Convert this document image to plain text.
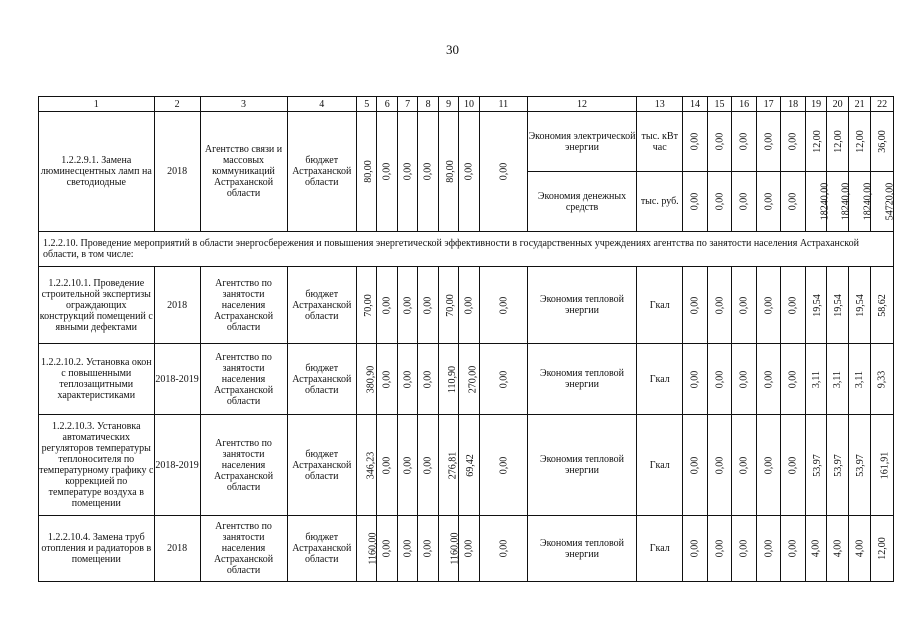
30
1	2	3	4	5	6	7	8	9	10	11	12	13	14	15	16	17	18	19	20	21	22
1.2.2.9.1. Замена люминесцентных ламп на светодиодные	2018	Агентство связи и массовых коммуникаций Астраханской области	бюджет Астраханской области	80,00	0,00	0,00	0,00	80,00	0,00	0,00	Экономия электрической энергии	тыс. кВт час	0,00	0,00	0,00	0,00	0,00	12,00	12,00	12,00	36,00
											Экономия денежных средств	тыс. руб.	0,00	0,00	0,00	0,00	0,00	18240,00	18240,00	18240,00	54720,00
1.2.2.10. Проведение мероприятий в области энергосбережения и повышения энергетической эффективности в государственных учреждениях агентства по занятости населения Астраханской области, в том числе:																					
1.2.2.10.1. Проведение строительной экспертизы ограждающих конструкций помещений с явными дефектами	2018	Агентство по занятости населения Астраханской области	бюджет Астраханской области	70,00	0,00	0,00	0,00	70,00	0,00	0,00	Экономия тепловой энергии	Гкал	0,00	0,00	0,00	0,00	0,00	19,54	19,54	19,54	58,62
1.2.2.10.2. Установка окон с повышенными теплозащитными характеристиками	2018-2019	Агентство по занятости населения Астраханской области	бюджет Астраханской области	380,90	0,00	0,00	0,00	110,90	270,00	0,00	Экономия тепловой энергии	Гкал	0,00	0,00	0,00	0,00	0,00	3,11	3,11	3,11	9,33
1.2.2.10.3. Установка автоматических регуляторов температуры теплоносителя по температурному графику с коррекцией по температуре воздуха в помещении	2018-2019	Агентство по занятости населения Астраханской области	бюджет Астраханской области	346,23	0,00	0,00	0,00	276,81	69,42	0,00	Экономия тепловой энергии	Гкал	0,00	0,00	0,00	0,00	0,00	53,97	53,97	53,97	161,91
1.2.2.10.4. Замена труб отопления и радиаторов в помещении	2018	Агентство по занятости населения Астраханской области	бюджет Астраханской области	1160,00	0,00	0,00	0,00	1160,00	0,00	0,00	Экономия тепловой энергии	Гкал	0,00	0,00	0,00	0,00	0,00	4,00	4,00	4,00	12,00
